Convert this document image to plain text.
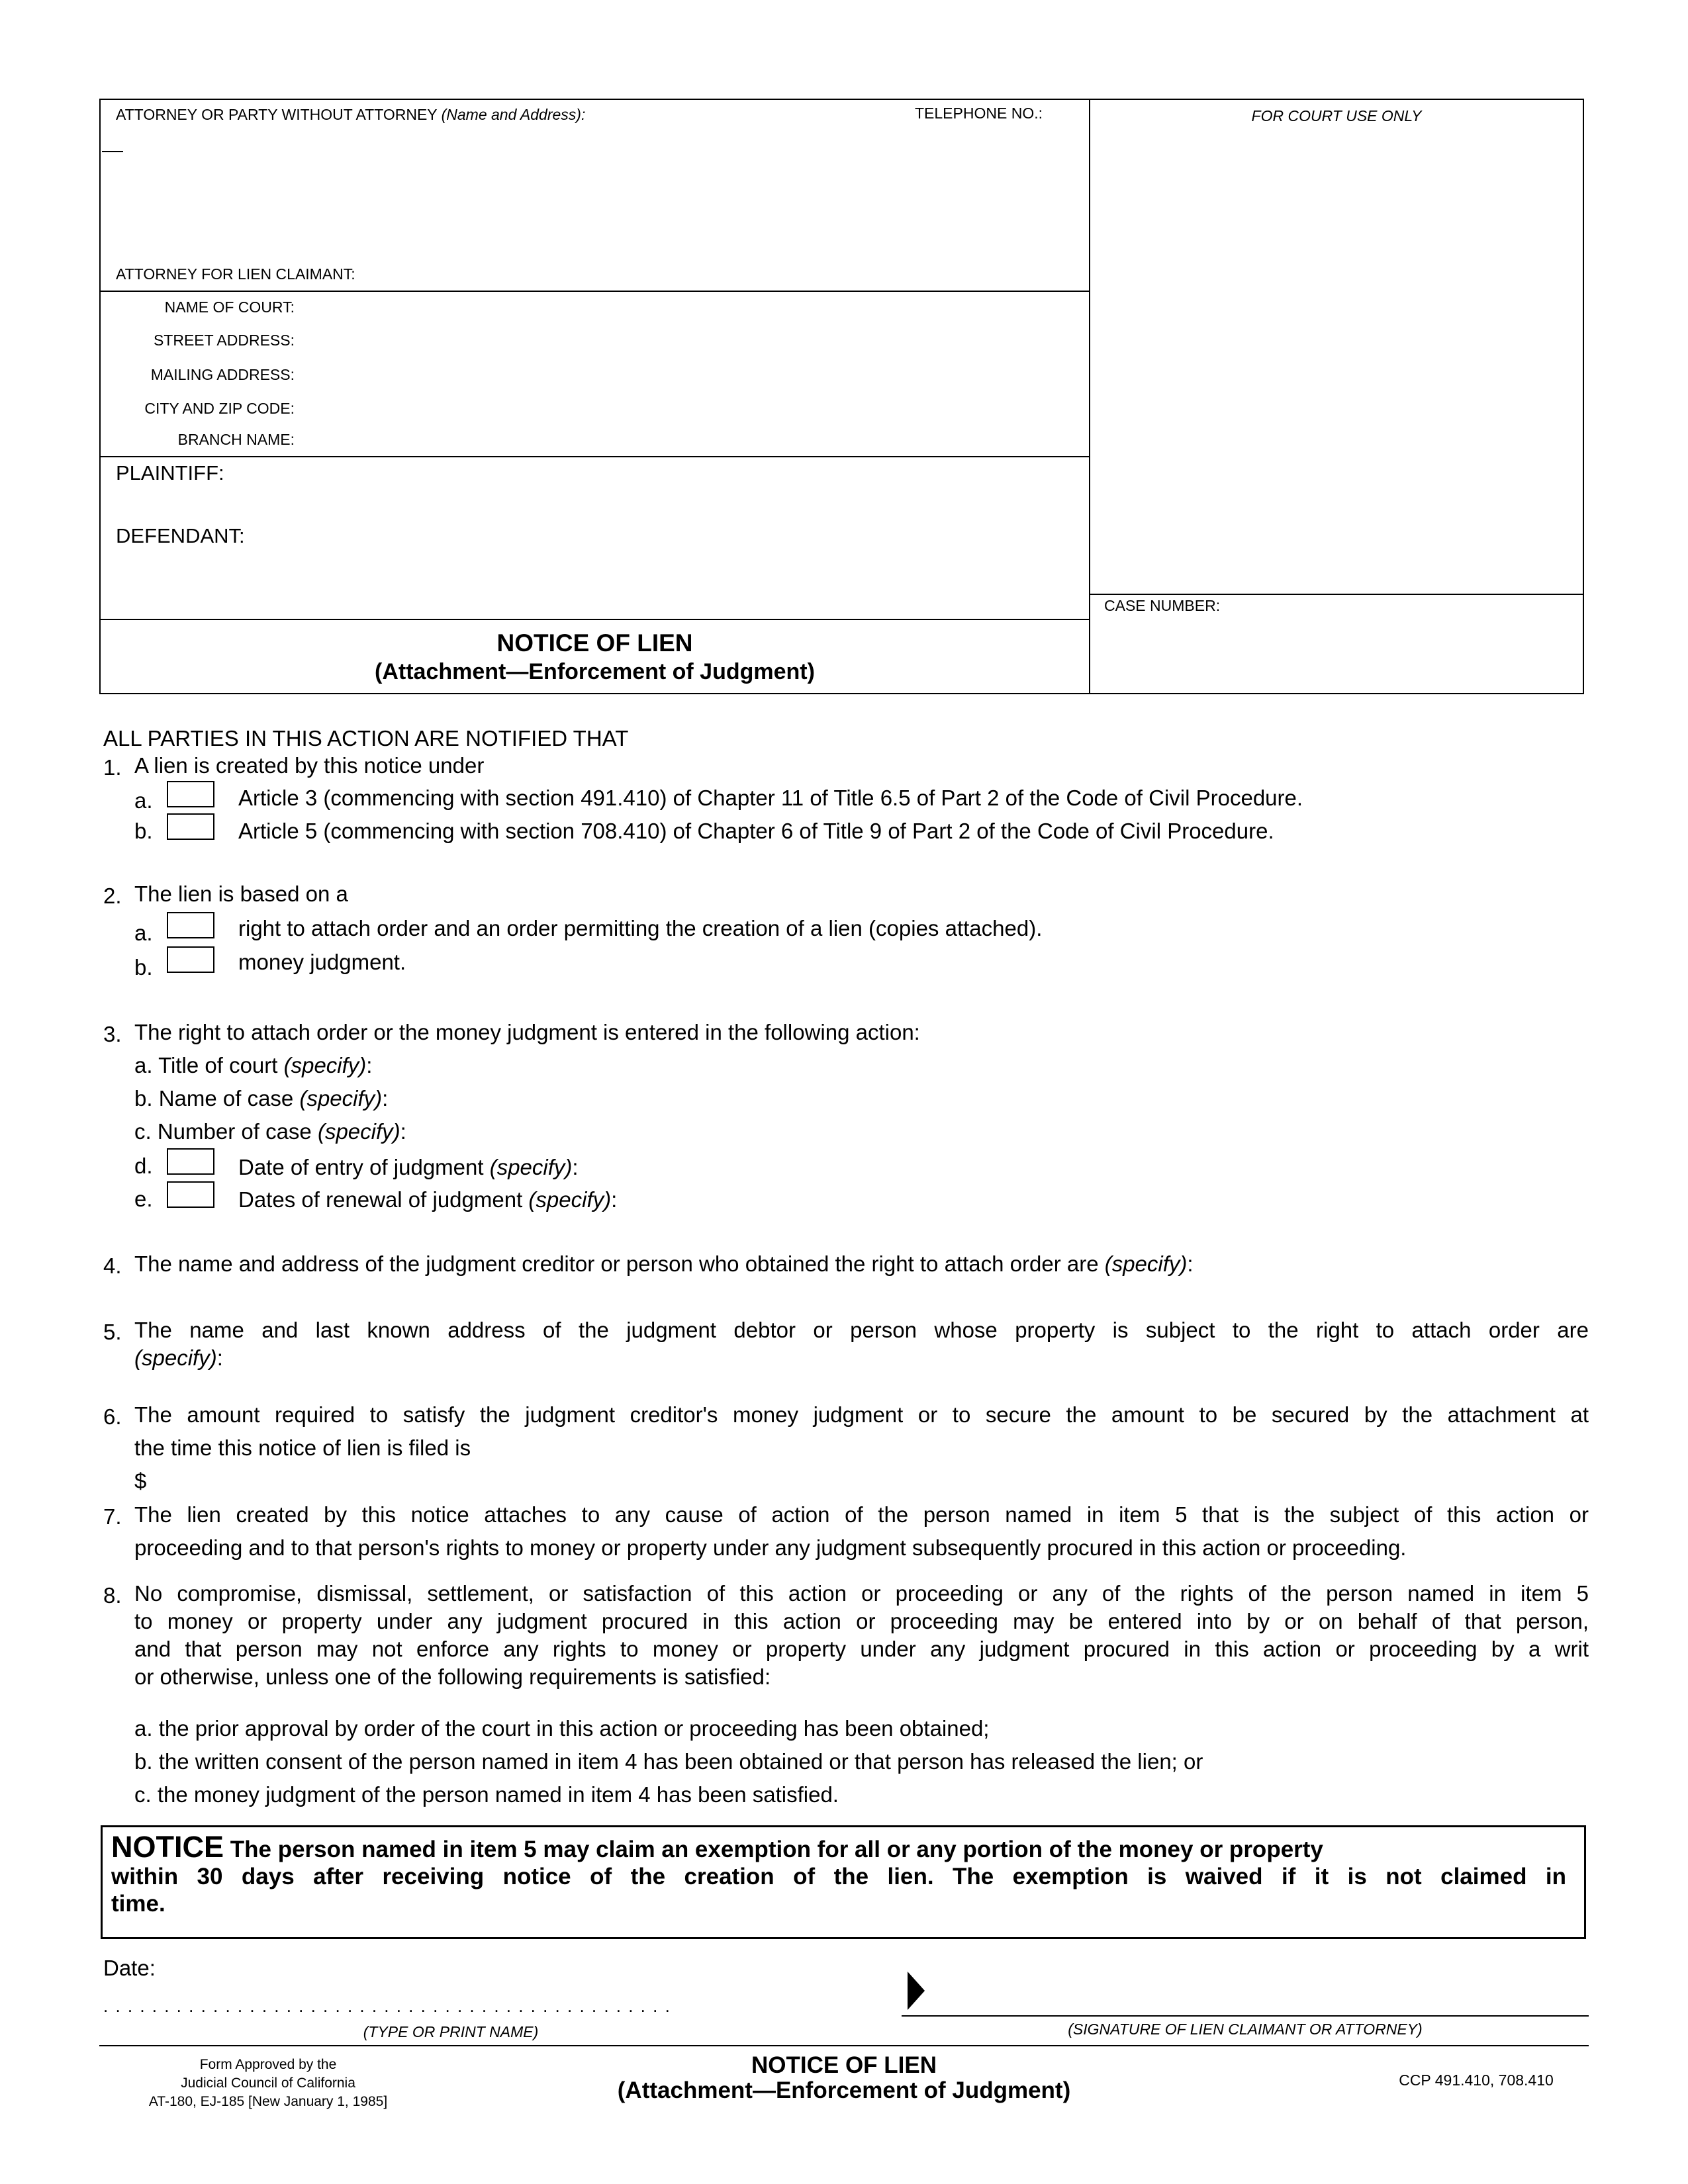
ATTORNEY OR PARTY WITHOUT ATTORNEY (Name and Address):	TELEPHONE NO.:	FOR COURT USE ONLY
ATTORNEY FOR LIEN CLAIMANT:
NAME OF COURT:
STREET ADDRESS:
MAILING ADDRESS:
CITY AND ZIP CODE:
BRANCH NAME:
PLAINTIFF:
DEFENDANT:
CASE NUMBER:
NOTICE OF LIEN
(Attachment—Enforcement of Judgment)
ALL PARTIES IN THIS ACTION ARE NOTIFIED THAT
1. A lien is created by this notice under
a.	Article 3 (commencing with section 491.410) of Chapter 11 of Title 6.5 of Part 2 of the Code of Civil Procedure.
b.	Article 5 (commencing with section 708.410) of Chapter 6 of Title 9 of Part 2 of the Code of Civil Procedure.
2. The lien is based on a
a.	right to attach order and an order permitting the creation of a lien (copies attached).
b.	money judgment.
3. The right to attach order or the money judgment is entered in the following action:
a. Title of court (specify):
b. Name of case (specify):
c. Number of case (specify):
d.	Date of entry of judgment (specify):
e.	Dates of renewal of judgment (specify):
4. The name and address of the judgment creditor or person who obtained the right to attach order are (specify):
5. The name and last known address of the judgment debtor or person whose property is subject to the right to attach order are
(specify):
6. The amount required to satisfy the judgment creditor's money judgment or to secure the amount to be secured by the attachment at
the time this notice of lien is filed is
$
7. The lien created by this notice attaches to any cause of action of the person named in item 5 that is the subject of this action or
proceeding and to that person's rights to money or property under any judgment subsequently procured in this action or proceeding.
8. No compromise, dismissal, settlement, or satisfaction of this action or proceeding or any of the rights of the person named in item 5
to money or property under any judgment procured in this action or proceeding may be entered into by or on behalf of that person,
and that person may not enforce any rights to money or property under any judgment procured in this action or proceeding by a writ
or otherwise, unless one of the following requirements is satisfied:
a. the prior approval by order of the court in this action or proceeding has been obtained;
b. the written consent of the person named in item 4 has been obtained or that person has released the lien; or
c. the money judgment of the person named in item 4 has been satisfied.
NOTICE The person named in item 5 may claim an exemption for all or any portion of the money or property
within 30 days after receiving notice of the creation of the lien. The exemption is waived if it is not claimed in
time.
Date:
. . . . . . . . . . . . . . . . . . . . . . . . . . . . . . . . . . . . . . . . . . . . . . .
(TYPE OR PRINT NAME)	(SIGNATURE OF LIEN CLAIMANT OR ATTORNEY)
Form Approved by the
Judicial Council of California
AT-180, EJ-185 [New January 1, 1985]
NOTICE OF LIEN
(Attachment—Enforcement of Judgment)	CCP 491.410, 708.410
